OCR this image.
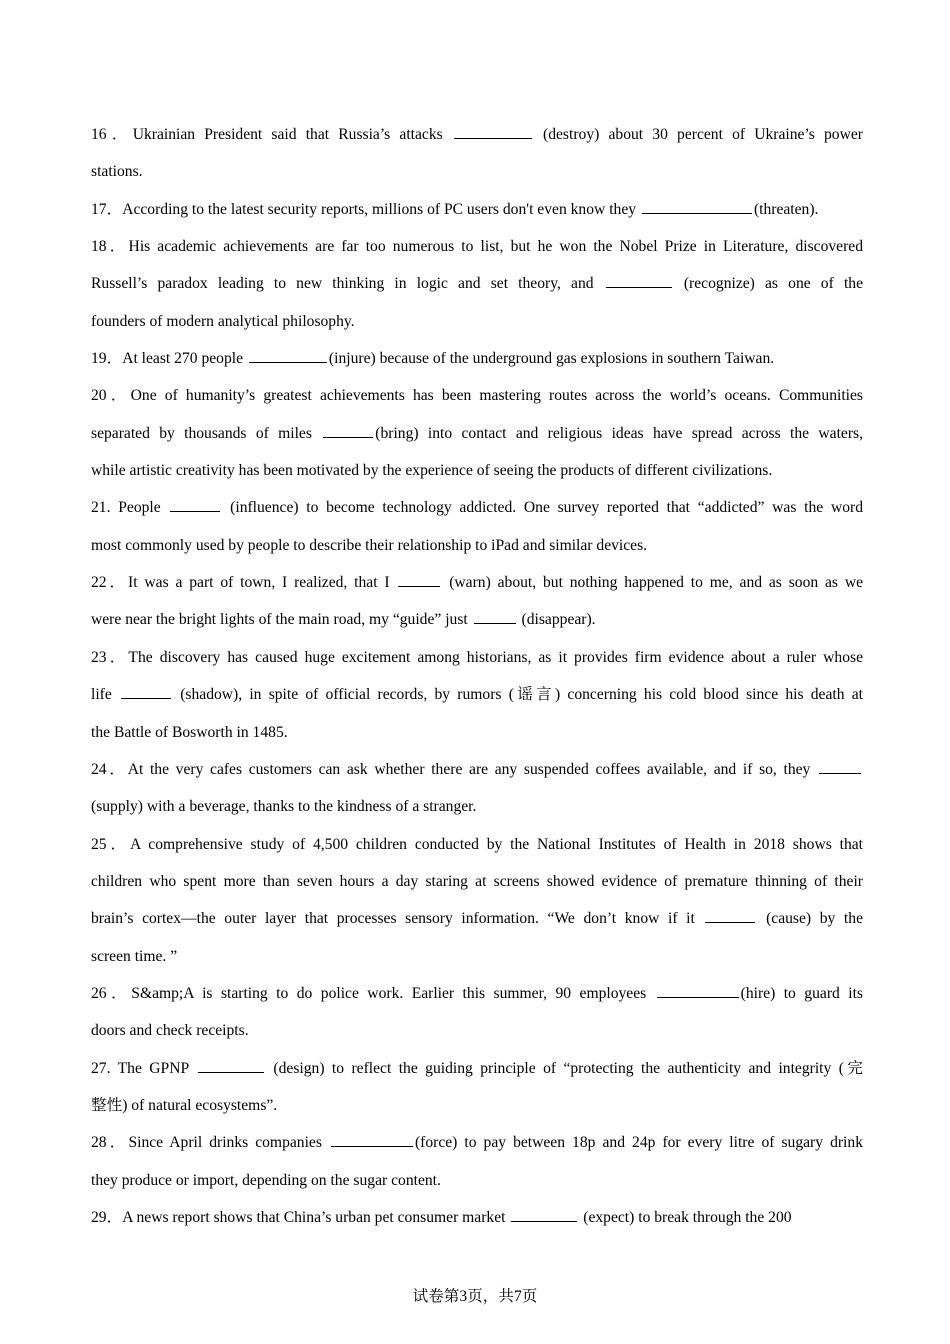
16．Ukrainian President said that Russia’s attacks	(destroy) about 30 percent of Ukraine’s power
stations.
17．According to the latest security reports, millions of PC users don't even know they	(threaten).
18．His academic achievements are far too numerous to list, but he won the Nobel Prize in Literature, discovered
Russell’s paradox leading to new thinking in logic and set theory, and	(recognize) as one of the
founders of modern analytical philosophy.
19．At least 270 people	(injure) because of the underground gas explosions in southern Taiwan.
20．One of humanity’s greatest achievements has been mastering routes across the world’s oceans. Communities
separated by thousands of miles	(bring) into contact and religious ideas have spread across the waters,
while artistic creativity has been motivated by the experience of seeing the products of different civilizations.
21. People	(influence) to become technology addicted. One survey reported that “addicted” was the word
most commonly used by people to describe their relationship to iPad and similar devices.
22．It was a part of town, I realized, that I	(warn) about, but nothing happened to me, and as soon as we
were near the bright lights of the main road, my “guide” just	(disappear).
23．The discovery has caused huge excitement among historians, as it provides firm evidence about a ruler whose
life	(shadow), in spite of official records, by rumors (谣言) concerning his cold blood since his death at
the Battle of Bosworth in 1485.
24．At the very cafes customers can ask whether there are any suspended coffees available, and if so, they
(supply) with a beverage, thanks to the kindness of a stranger.
25．A comprehensive study of 4,500 children conducted by the National Institutes of Health in 2018 shows that
children who spent more than seven hours a day staring at screens showed evidence of premature thinning of their
brain’s cortex—the outer layer that processes sensory information. “We don’t know if it	(cause) by the
screen time. ”
26．S&amp;A is starting to do police work. Earlier this summer, 90 employees	(hire) to guard its
doors and check receipts.
27. The GPNP	(design) to reflect the guiding principle of “protecting the authenticity and integrity (完
整性) of natural ecosystems”.
28．Since April drinks companies	(force) to pay between 18p and 24p for every litre of sugary drink
they produce or import, depending on the sugar content.
29．A news report shows that China’s urban pet consumer market	(expect) to break through the 200
试卷第3页，共7页
